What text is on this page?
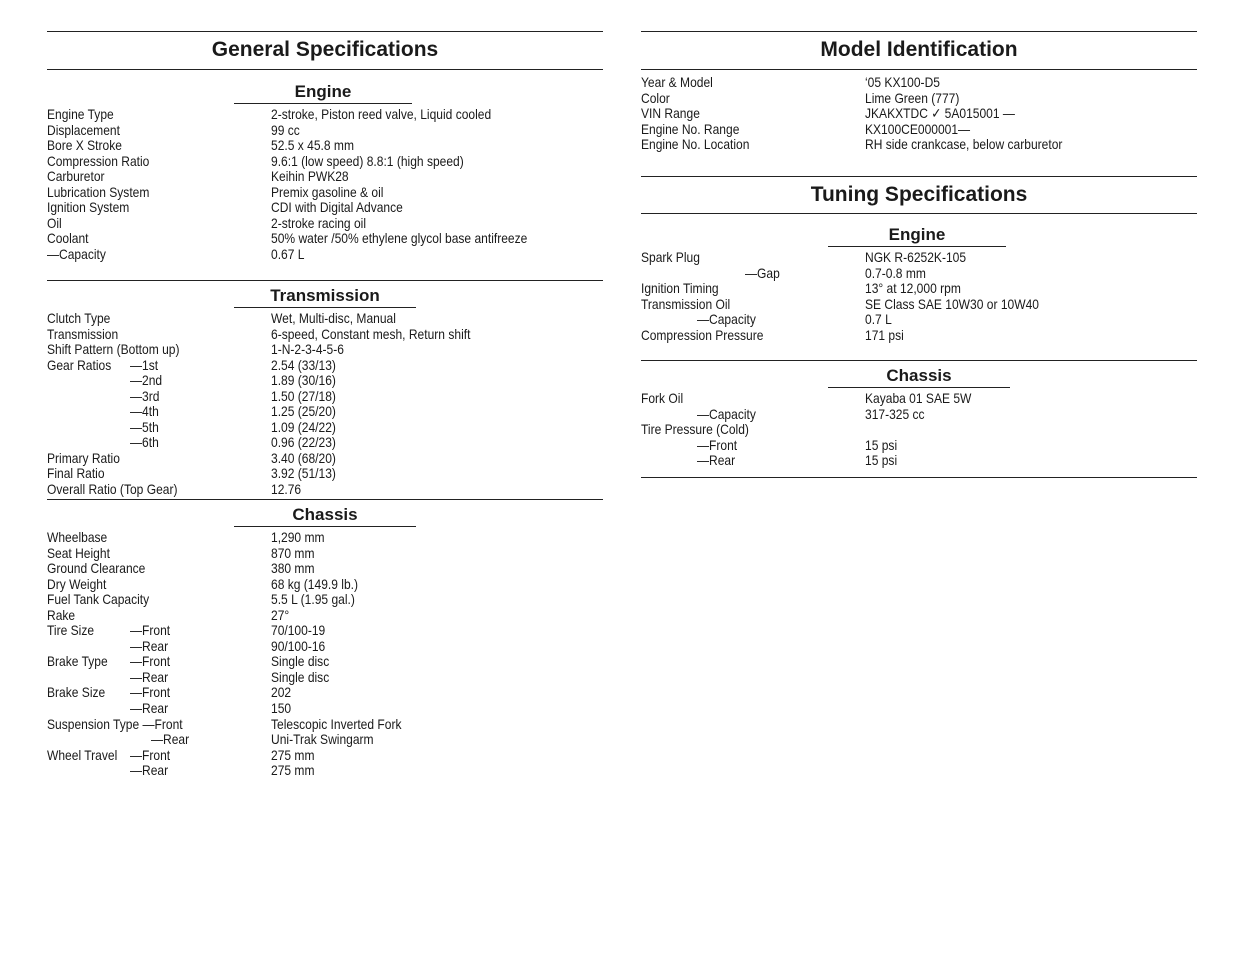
General Specifications
Engine
Engine Type	2-stroke, Piston reed valve, Liquid cooled
Displacement	99 cc
Bore X Stroke	52.5 x 45.8 mm
Compression Ratio	9.6:1 (low speed) 8.8:1 (high speed)
Carburetor	Keihin PWK28
Lubrication System	Premix gasoline & oil
Ignition System	CDI with Digital Advance
Oil	2-stroke racing oil
Coolant	50% water /50% ethylene glycol base antifreeze
—Capacity	0.67 L
Transmission
Clutch Type	Wet, Multi-disc, Manual
Transmission	6-speed, Constant mesh, Return shift
Shift Pattern (Bottom up)	1-N-2-3-4-5-6
Gear Ratios —1st	2.54 (33/13)
—2nd	1.89 (30/16)
—3rd	1.50 (27/18)
—4th	1.25 (25/20)
—5th	1.09 (24/22)
—6th	0.96 (22/23)
Primary Ratio	3.40 (68/20)
Final Ratio	3.92 (51/13)
Overall Ratio (Top Gear)	12.76
Chassis
Wheelbase	1,290 mm
Seat Height	870 mm
Ground Clearance	380 mm
Dry Weight	68 kg (149.9 lb.)
Fuel Tank Capacity	5.5 L (1.95 gal.)
Rake	27°
Tire Size	—Front	70/100-19
—Rear	90/100-16
Brake Type —Front	Single disc
—Rear	Single disc
Brake Size —Front	202
—Rear	150
Suspension Type —Front	Telescopic Inverted Fork
—Rear	Uni-Trak Swingarm
Wheel Travel —Front	275 mm
—Rear	275 mm
Model Identification
Year & Model	‘05 KX100-D5
Color	Lime Green (777)
VIN Range	JKAKXTDC ✓ 5A015001 —
Engine No. Range	KX100CE000001—
Engine No. Location	RH side crankcase, below carburetor
Tuning Specifications
Engine
Spark Plug	NGK R-6252K-105
—Gap	0.7-0.8 mm
Ignition Timing	13° at 12,000 rpm
Transmission Oil	SE Class SAE 10W30 or 10W40
—Capacity	0.7 L
Compression Pressure	171 psi
Chassis
Fork Oil	Kayaba 01 SAE 5W
—Capacity	317-325 cc
Tire Pressure (Cold)
—Front	15 psi
—Rear	15 psi
